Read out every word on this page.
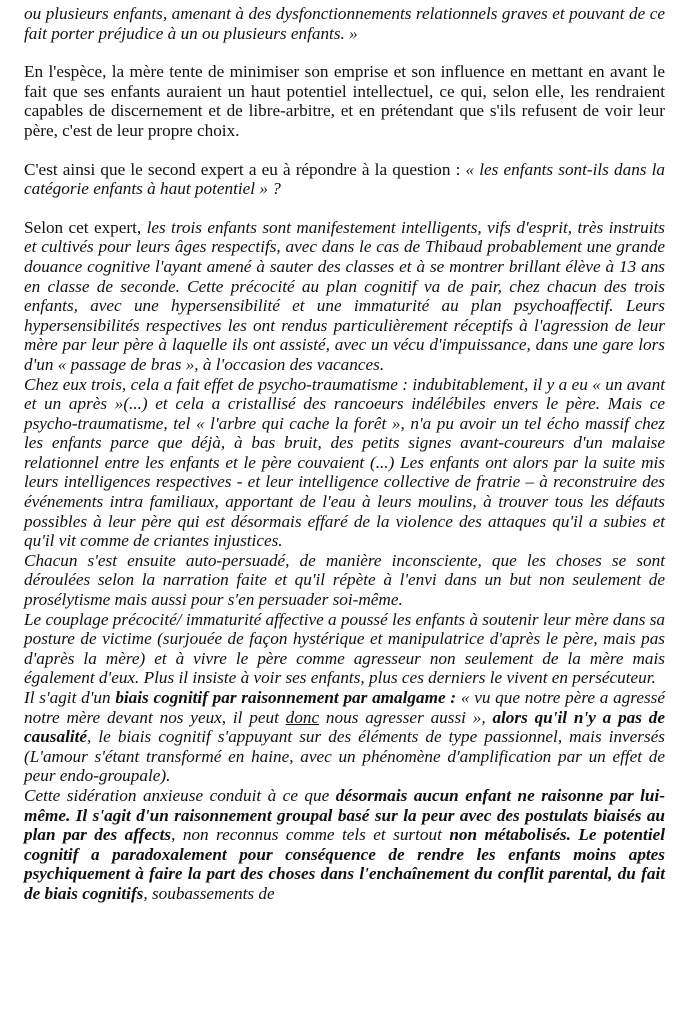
ou plusieurs enfants, amenant à des dysfonctionnements relationnels graves et pouvant de ce fait porter préjudice à un ou plusieurs enfants. »

En l'espèce, la mère tente de minimiser son emprise et son influence en mettant en avant le fait que ses enfants auraient un haut potentiel intellectuel, ce qui, selon elle, les rendraient capables de discernement et de libre-arbitre, et en prétendant que s'ils refusent de voir leur père, c'est de leur propre choix.

C'est ainsi que le second expert a eu à répondre à la question : « les enfants sont-ils dans la catégorie enfants à haut potentiel » ?

Selon cet expert, les trois enfants sont manifestement intelligents, vifs d'esprit, très instruits et cultivés pour leurs âges respectifs, avec dans le cas de Thibaud probablement une grande douance cognitive l'ayant amené à sauter des classes et à se montrer brillant élève à 13 ans en classe de seconde. Cette précocité au plan cognitif va de pair, chez chacun des trois enfants, avec une hypersensibilité et une immaturité au plan psychoaffectif. Leurs hypersensibilités respectives les ont rendus particulièrement réceptifs à l'agression de leur mère par leur père à laquelle ils ont assisté, avec un vécu d'impuissance, dans une gare lors d'un « passage de bras », à l'occasion des vacances.

Chez eux trois, cela a fait effet de psycho-traumatisme : indubitablement, il y a eu « un avant et un après »(...) et cela a cristallisé des rancoeurs indélébiles envers le père. Mais ce psycho-traumatisme, tel « l'arbre qui cache la forêt », n'a pu avoir un tel écho massif chez les enfants parce que déjà, à bas bruit, des petits signes avant-coureurs d'un malaise relationnel entre les enfants et le père couvaient (...) Les enfants ont alors par la suite mis leurs intelligences respectives - et leur intelligence collective de fratrie – à reconstruire des événements intra familiaux, apportant de l'eau à leurs moulins, à trouver tous les défauts possibles à leur père qui est désormais effaré de la violence des attaques qu'il a subies et qu'il vit comme de criantes injustices.

Chacun s'est ensuite auto-persuadé, de manière inconsciente, que les choses se sont déroulées selon la narration faite et qu'il répète à l'envi dans un but non seulement de prosélytisme mais aussi pour s'en persuader soi-même.

Le couplage précocité/ immaturité affective a poussé les enfants à soutenir leur mère dans sa posture de victime (surjouée de façon hystérique et manipulatrice d'après le père, mais pas d'après la mère) et à vivre le père comme agresseur non seulement de la mère mais également d'eux. Plus il insiste à voir ses enfants, plus ces derniers le vivent en persécuteur.

Il s'agit d'un biais cognitif par raisonnement par amalgame : « vu que notre père a agressé notre mère devant nos yeux, il peut donc nous agresser aussi », alors qu'il n'y a pas de causalité, le biais cognitif s'appuyant sur des éléments de type passionnel, mais inversés (L'amour s'étant transformé en haine, avec un phénomène d'amplification par un effet de peur endo-groupale).

Cette sidération anxieuse conduit à ce que désormais aucun enfant ne raisonne par lui-même. Il s'agit d'un raisonnement groupal basé sur la peur avec des postulats biaisés au plan par des affects, non reconnus comme tels et surtout non métabolisés. Le potentiel cognitif a paradoxalement pour conséquence de rendre les enfants moins aptes psychiquement à faire la part des choses dans l'enchaînement du conflit parental, du fait de biais cognitifs, soubassements de
